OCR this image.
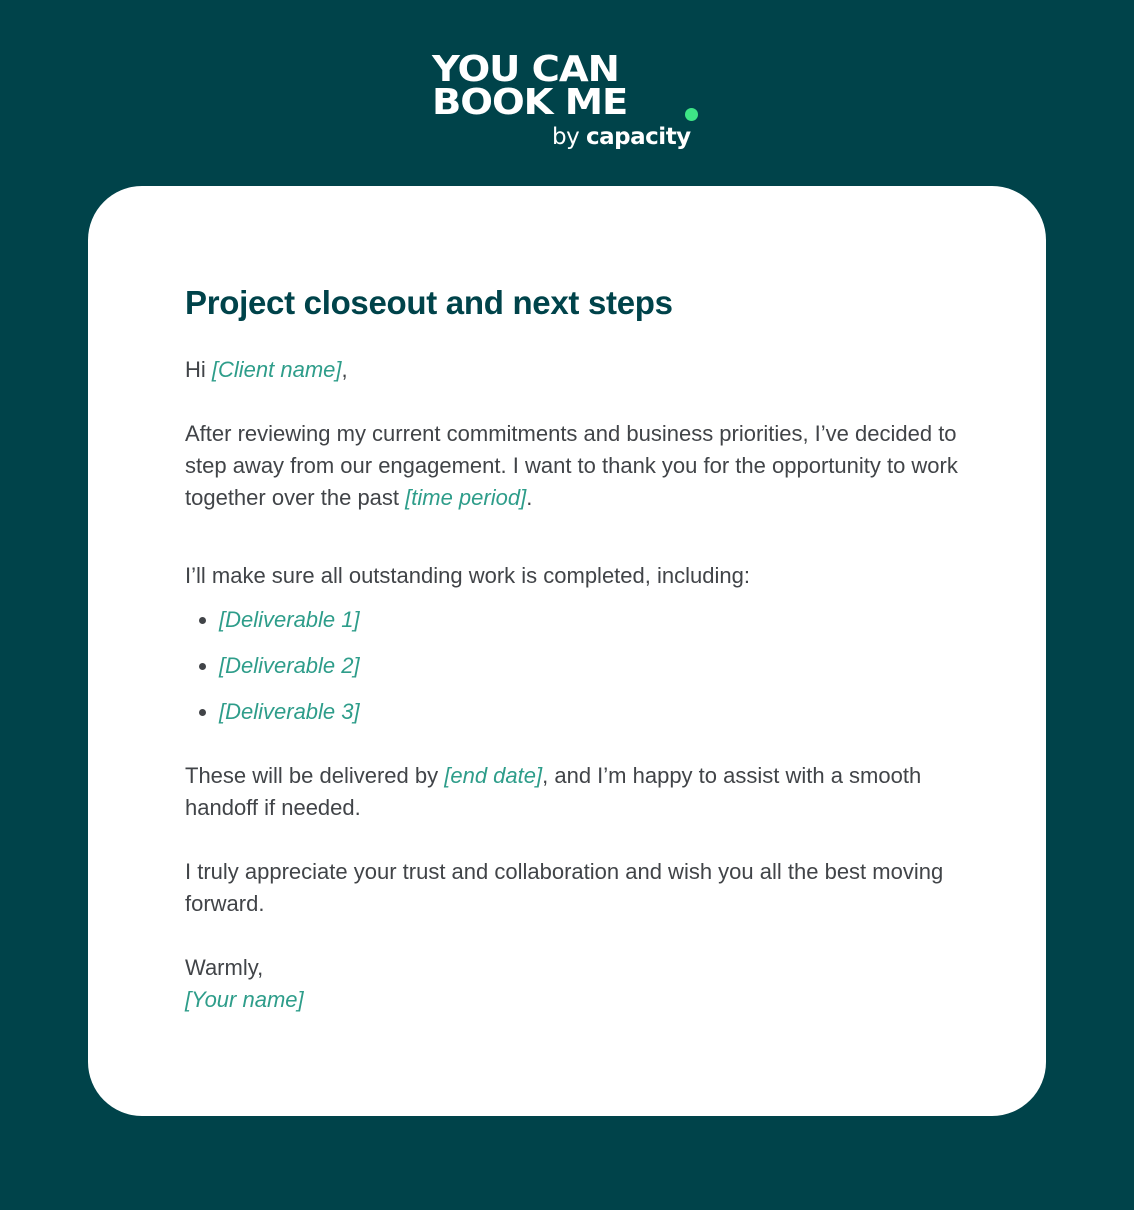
YOU CAN
BOOK ME
by capacity
Project closeout and next steps

Hi [Client name],

After reviewing my current commitments and business priorities, I’ve decided to step away from our engagement. I want to thank you for the opportunity to work together over the past [time period].

I’ll make sure all outstanding work is completed, including:

• [Deliverable 1]
• [Deliverable 2]
• [Deliverable 3]

These will be delivered by [end date], and I’m happy to assist with a smooth handoff if needed.

I truly appreciate your trust and collaboration and wish you all the best moving forward.

Warmly,

[Your name]
